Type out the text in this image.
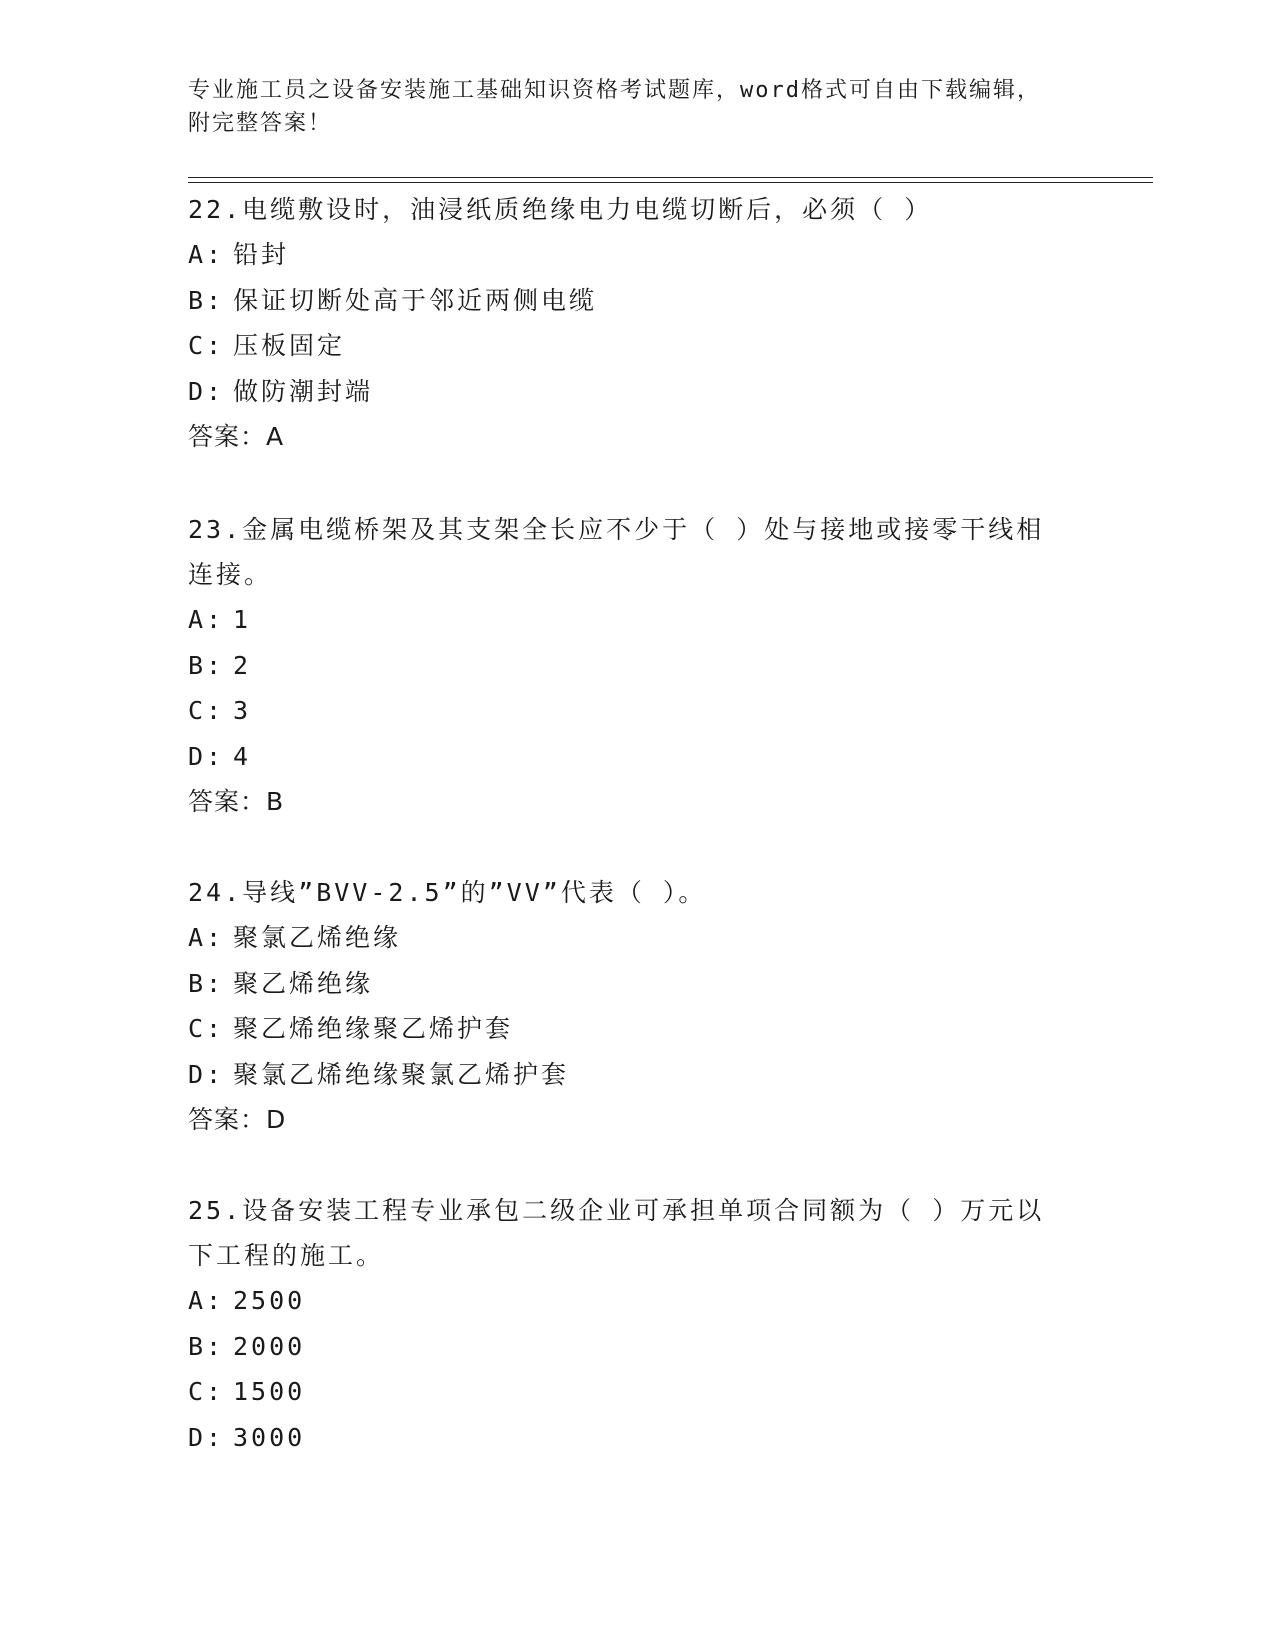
专业施工员之设备安装施工基础知识资格考试题库，word格式可自由下载编辑，
附完整答案！

22.电缆敷设时，油浸纸质绝缘电力电缆切断后，必须（ ）

A: 铅封

B: 保证切断处高于邻近两侧电缆

C: 压板固定

D: 做防潮封端

答案：A

23.金属电缆桥架及其支架全长应不少于（ ）处与接地或接零干线相连接。

A: 1

B: 2

C: 3

D: 4

答案：B

24.导线”BVV-2.5”的”VV”代表（ ）。

A: 聚氯乙烯绝缘

B: 聚乙烯绝缘

C: 聚乙烯绝缘聚乙烯护套

D: 聚氯乙烯绝缘聚氯乙烯护套

答案：D

25.设备安装工程专业承包二级企业可承担单项合同额为（ ）万元以下工程的施工。

A: 2500

B: 2000

C: 1500

D: 3000
